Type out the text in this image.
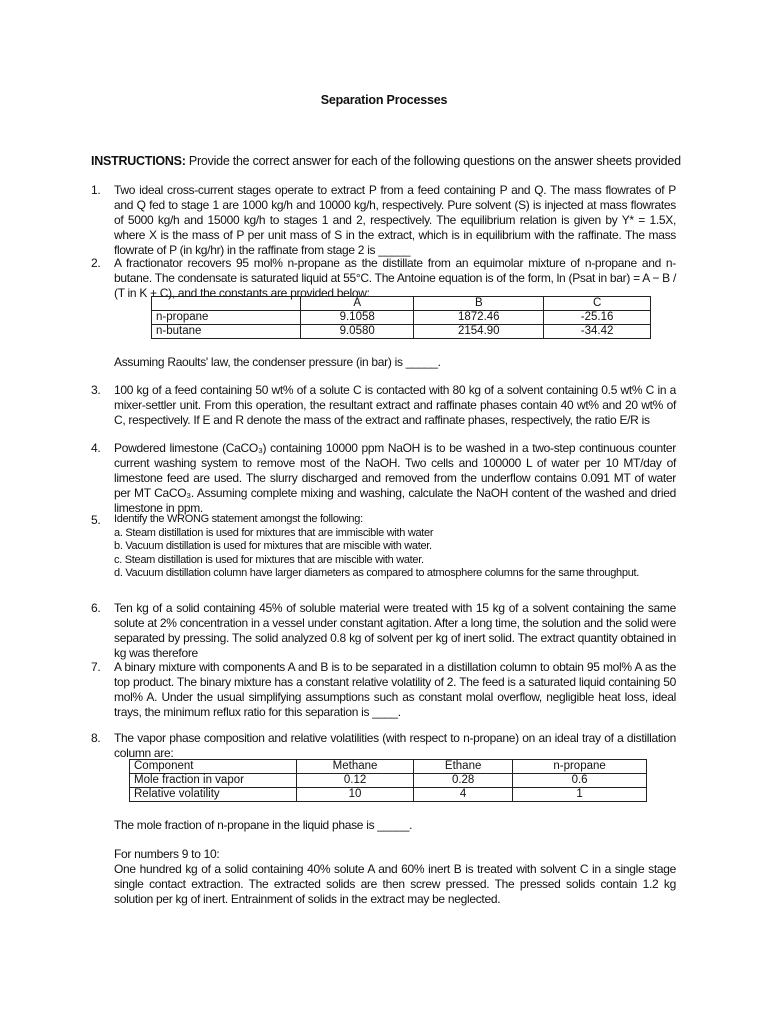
Separation Processes
INSTRUCTIONS: Provide the correct answer for each of the following questions on the answer sheets provided
1. Two ideal cross-current stages operate to extract P from a feed containing P and Q. The mass flowrates of P and Q fed to stage 1 are 1000 kg/h and 10000 kg/h, respectively. Pure solvent (S) is injected at mass flowrates of 5000 kg/h and 15000 kg/h to stages 1 and 2, respectively. The equilibrium relation is given by Y* = 1.5X, where X is the mass of P per unit mass of S in the extract, which is in equilibrium with the raffinate. The mass flowrate of P (in kg/hr) in the raffinate from stage 2 is _____

2. A fractionator recovers 95 mol% n-propane as the distillate from an equimolar mixture of n-propane and n-butane. The condensate is saturated liquid at 55°C. The Antoine equation is of the form, ln (Psat in bar) = A − B / (T in K + C), and the constants are provided below:

	A	B	C
n-propane	9.1058	1872.46	-25.16
n-butane	9.0580	2154.90	-34.42

Assuming Raoults' law, the condenser pressure (in bar) is _____.

3. 100 kg of a feed containing 50 wt% of a solute C is contacted with 80 kg of a solvent containing 0.5 wt% C in a mixer-settler unit. From this operation, the resultant extract and raffinate phases contain 40 wt% and 20 wt% of C, respectively. If E and R denote the mass of the extract and raffinate phases, respectively, the ratio E/R is

4. Powdered limestone (CaCO₃) containing 10000 ppm NaOH is to be washed in a two-step continuous counter current washing system to remove most of the NaOH. Two cells and 100000 L of water per 10 MT/day of limestone feed are used. The slurry discharged and removed from the underflow contains 0.091 MT of water per MT CaCO₃. Assuming complete mixing and washing, calculate the NaOH content of the washed and dried limestone in ppm.

5. Identify the WRONG statement amongst the following:

a. Steam distillation is used for mixtures that are immiscible with water

b. Vacuum distillation is used for mixtures that are miscible with water.

c. Steam distillation is used for mixtures that are miscible with water.

d. Vacuum distillation column have larger diameters as compared to atmosphere columns for the same throughput.

6. Ten kg of a solid containing 45% of soluble material were treated with 15 kg of a solvent containing the same solute at 2% concentration in a vessel under constant agitation. After a long time, the solution and the solid were separated by pressing. The solid analyzed 0.8 kg of solvent per kg of inert solid. The extract quantity obtained in kg was therefore

7. A binary mixture with components A and B is to be separated in a distillation column to obtain 95 mol% A as the top product. The binary mixture has a constant relative volatility of 2. The feed is a saturated liquid containing 50 mol% A. Under the usual simplifying assumptions such as constant molal overflow, negligible heat loss, ideal trays, the minimum reflux ratio for this separation is ____.

8. The vapor phase composition and relative volatilities (with respect to n-propane) on an ideal tray of a distillation column are:

Component	Methane	Ethane	n-propane
Mole fraction in vapor	0.12	0.28	0.6
Relative volatility	10	4	1

The mole fraction of n-propane in the liquid phase is _____.

For numbers 9 to 10:

One hundred kg of a solid containing 40% solute A and 60% inert B is treated with solvent C in a single stage single contact extraction. The extracted solids are then screw pressed. The pressed solids contain 1.2 kg solution per kg of inert. Entrainment of solids in the extract may be neglected.
